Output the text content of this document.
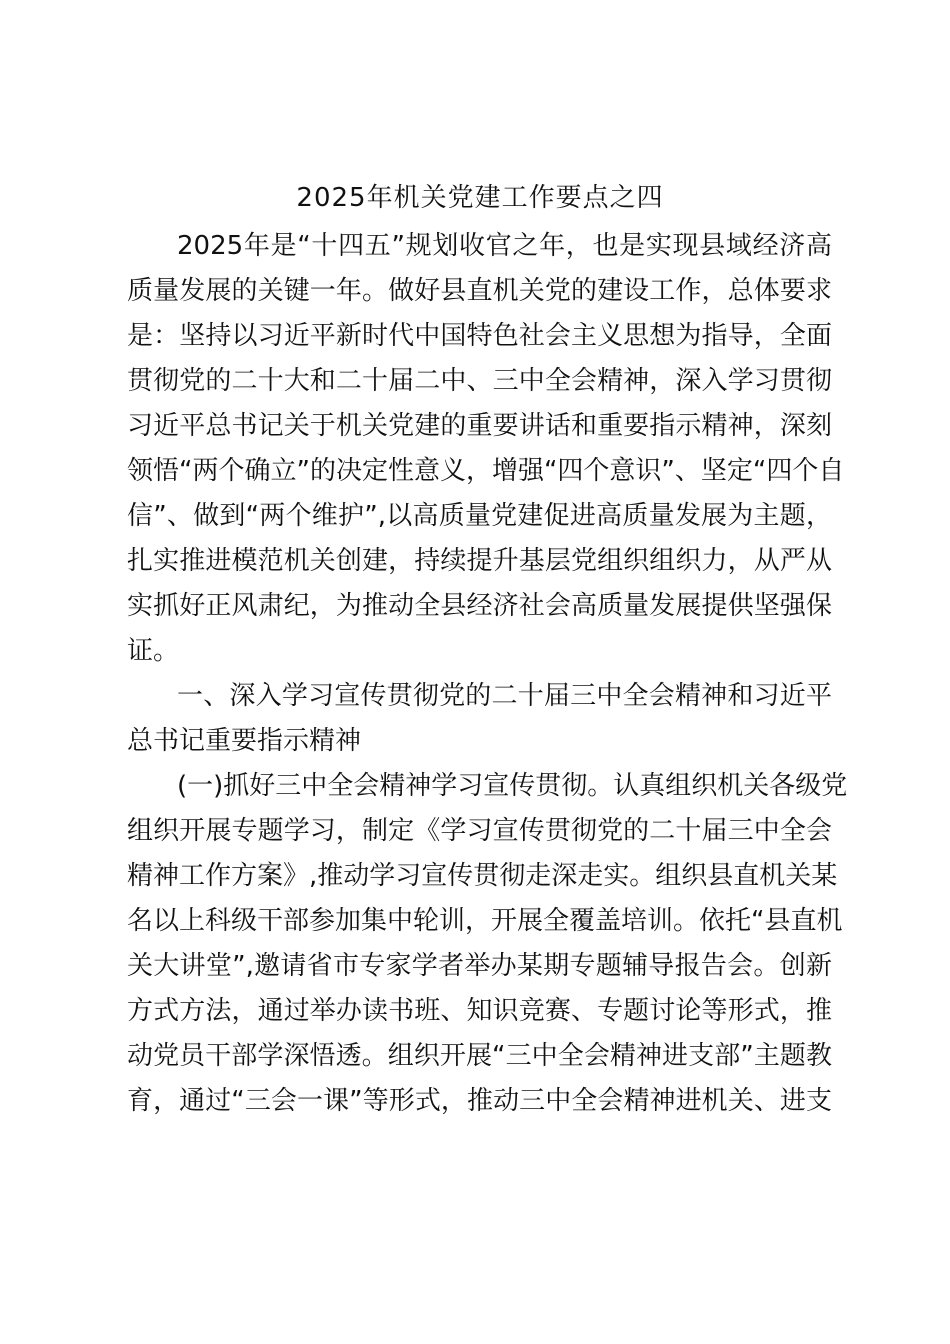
2025年机关党建工作要点之四
2025年是“十四五”规划收官之年，也是实现县域经济高
质量发展的关键一年。做好县直机关党的建设工作，总体要求
是：坚持以习近平新时代中国特色社会主义思想为指导，全面
贯彻党的二十大和二十届二中、三中全会精神，深入学习贯彻
习近平总书记关于机关党建的重要讲话和重要指示精神，深刻
领悟“两个确立”的决定性意义，增强“四个意识”、坚定“四个自
信”、做到“两个维护”,以高质量党建促进高质量发展为主题，
扎实推进模范机关创建，持续提升基层党组织组织力，从严从
实抓好正风肃纪，为推动全县经济社会高质量发展提供坚强保
证。
一、深入学习宣传贯彻党的二十届三中全会精神和习近平
总书记重要指示精神
(一)抓好三中全会精神学习宣传贯彻。认真组织机关各级党
组织开展专题学习，制定《学习宣传贯彻党的二十届三中全会
精神工作方案》,推动学习宣传贯彻走深走实。组织县直机关某
名以上科级干部参加集中轮训，开展全覆盖培训。依托“县直机
关大讲堂”,邀请省市专家学者举办某期专题辅导报告会。创新
方式方法，通过举办读书班、知识竞赛、专题讨论等形式，推
动党员干部学深悟透。组织开展“三中全会精神进支部”主题教
育，通过“三会一课”等形式，推动三中全会精神进机关、进支
